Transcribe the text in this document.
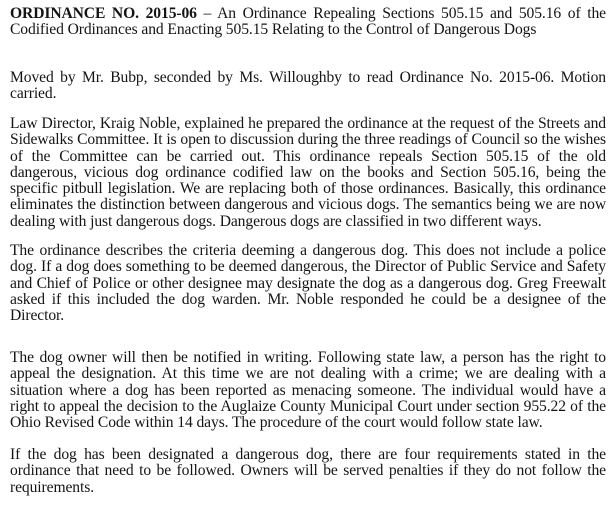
ORDINANCE NO. 2015-06 – An Ordinance Repealing Sections 505.15 and 505.16 of the Codified Ordinances and Enacting 505.15 Relating to the Control of Dangerous Dogs

Moved by Mr. Bubp, seconded by Ms. Willoughby to read Ordinance No. 2015-06. Motion carried.

Law Director, Kraig Noble, explained he prepared the ordinance at the request of the Streets and Sidewalks Committee. It is open to discussion during the three readings of Council so the wishes of the Committee can be carried out. This ordinance repeals Section 505.15 of the old dangerous, vicious dog ordinance codified law on the books and Section 505.16, being the specific pitbull legislation. We are replacing both of those ordinances. Basically, this ordinance eliminates the distinction between dangerous and vicious dogs. The semantics being we are now dealing with just dangerous dogs. Dangerous dogs are classified in two different ways.

The ordinance describes the criteria deeming a dangerous dog. This does not include a police dog. If a dog does something to be deemed dangerous, the Director of Public Service and Safety and Chief of Police or other designee may designate the dog as a dangerous dog. Greg Freewalt asked if this included the dog warden. Mr. Noble responded he could be a designee of the Director.

The dog owner will then be notified in writing. Following state law, a person has the right to appeal the designation. At this time we are not dealing with a crime; we are dealing with a situation where a dog has been reported as menacing someone. The individual would have a right to appeal the decision to the Auglaize County Municipal Court under section 955.22 of the Ohio Revised Code within 14 days. The procedure of the court would follow state law.

If the dog has been designated a dangerous dog, there are four requirements stated in the ordinance that need to be followed. Owners will be served penalties if they do not follow the requirements.
